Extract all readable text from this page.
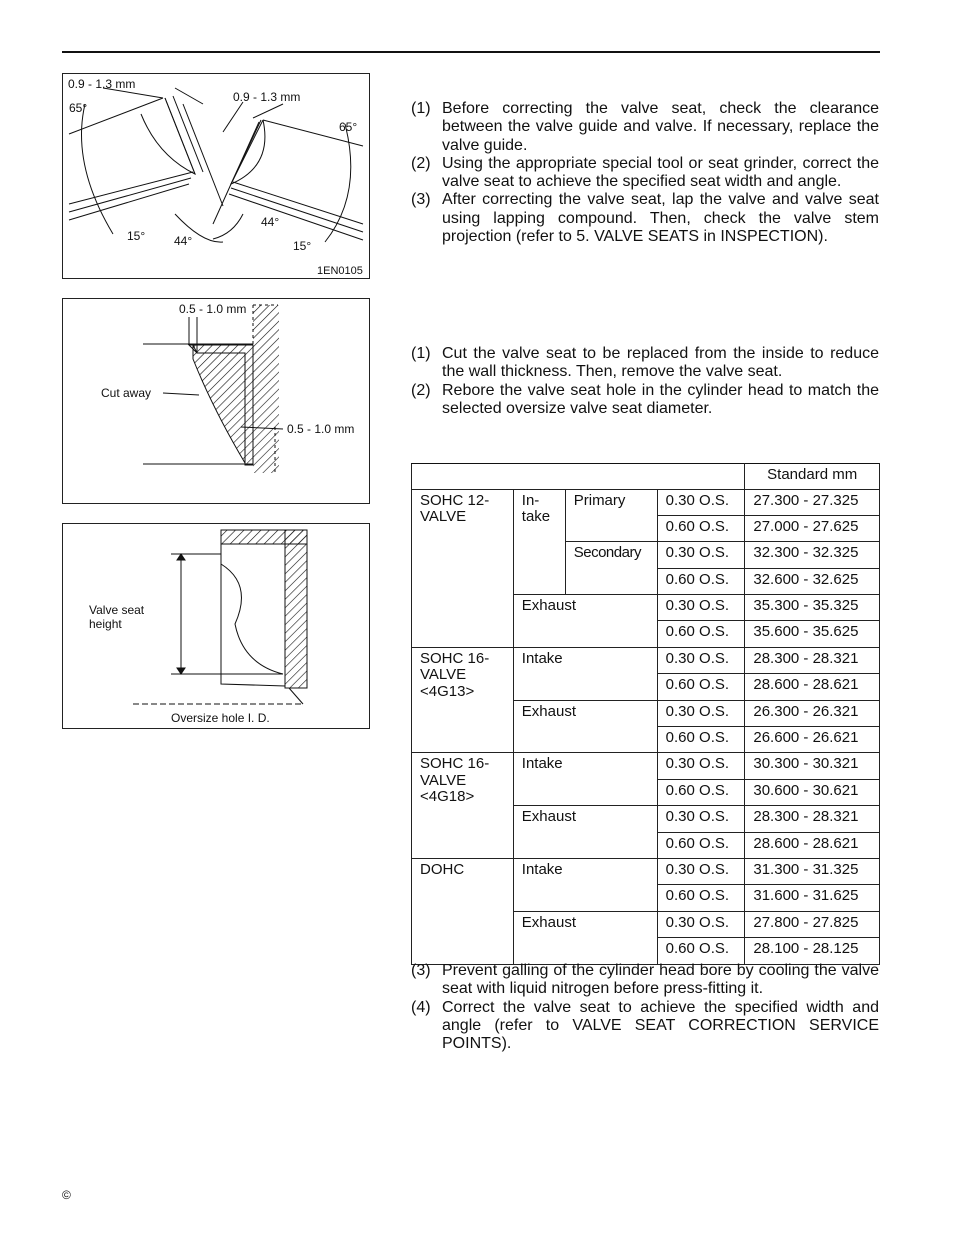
0.9 - 1.3 mm
0.9 - 1.3 mm
65°
65°
44°
44°
15°
15°
1EN0105
0.5 - 1.0 mm
0.5 - 1.0 mm
Cut away
Valve seat
height
Oversize hole I. D.
(1) Before correcting the valve seat, check the clearance between the valve guide and valve. If necessary, replace the valve guide.
(2) Using the appropriate special tool or seat grinder, correct the valve seat to achieve the specified seat width and angle.
(3) After correcting the valve seat, lap the valve and valve seat using lapping compound. Then, check the valve stem projection (refer to 5. VALVE SEATS in INSPECTION).
(1) Cut the valve seat to be replaced from the inside to reduce the wall thickness. Then, remove the valve seat.
(2) Rebore the valve seat hole in the cylinder head to match the selected oversize valve seat diameter.
				Standard mm
SOHC 12-VALVE	In- take	Primary	0.30 O.S.	27.300 - 27.325
			0.60 O.S.	27.000 - 27.625
		Secondary	0.30 O.S.	32.300 - 32.325
			0.60 O.S.	32.600 - 32.625
	Exhaust		0.30 O.S.	35.300 - 35.325
			0.60 O.S.	35.600 - 35.625
SOHC 16-VALVE <4G13>	Intake		0.30 O.S.	28.300 - 28.321
			0.60 O.S.	28.600 - 28.621
	Exhaust		0.30 O.S.	26.300 - 26.321
			0.60 O.S.	26.600 - 26.621
SOHC 16-VALVE <4G18>	Intake		0.30 O.S.	30.300 - 30.321
			0.60 O.S.	30.600 - 30.621
	Exhaust		0.30 O.S.	28.300 - 28.321
			0.60 O.S.	28.600 - 28.621
DOHC	Intake		0.30 O.S.	31.300 - 31.325
			0.60 O.S.	31.600 - 31.625
	Exhaust		0.30 O.S.	27.800 - 27.825
			0.60 O.S.	28.100 - 28.125
(3) Prevent galling of the cylinder head bore by cooling the valve seat with liquid nitrogen before press-fitting it.
(4) Correct the valve seat to achieve the specified width and angle (refer to VALVE SEAT CORRECTION SERVICE POINTS).
©
